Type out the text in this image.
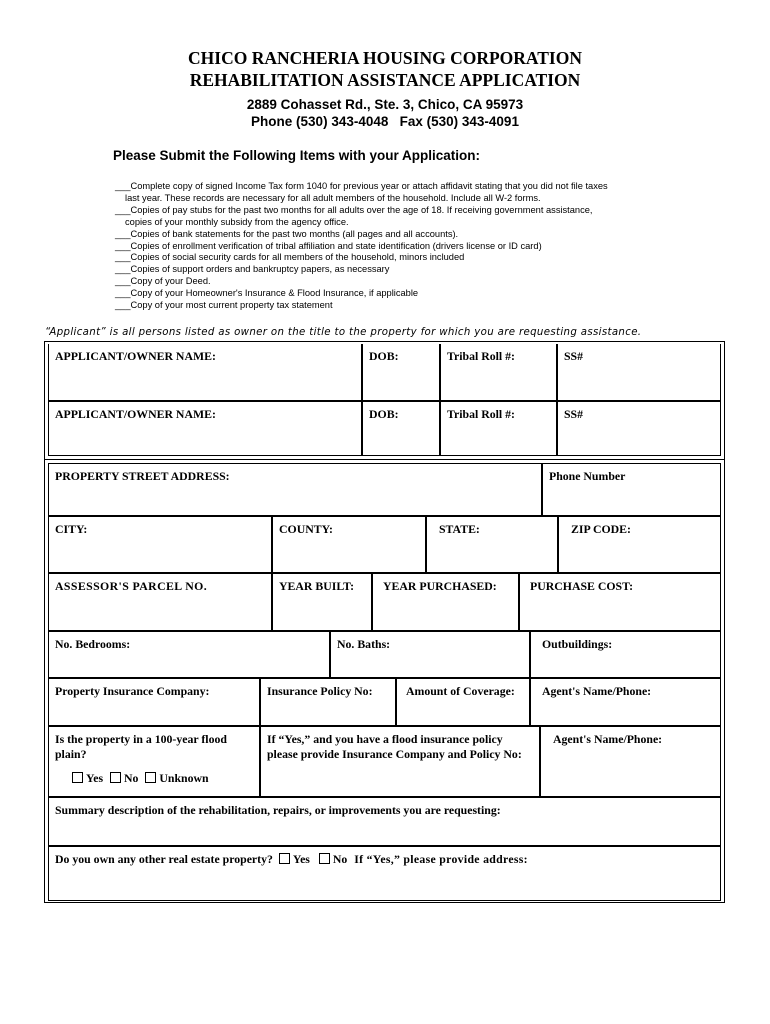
CHICO RANCHERIA HOUSING CORPORATION
REHABILITATION ASSISTANCE APPLICATION
2889 Cohasset Rd., Ste. 3, Chico, CA 95973
Phone (530) 343-4048   Fax (530) 343-4091
Please Submit the Following Items with your Application:
___Complete copy of signed Income Tax form 1040 for previous year or attach affidavit stating that you did not file taxes
last year. These records are necessary for all adult members of the household. Include all W-2 forms.
___Copies of pay stubs for the past two months for all adults over the age of 18. If receiving government assistance,
copies of your monthly subsidy from the agency office.
___Copies of bank statements for the past two months (all pages and all accounts).
___Copies of enrollment verification of tribal affiliation and state identification (drivers license or ID card)
___Copies of social security cards for all members of the household, minors included
___Copies of support orders and bankruptcy papers, as necessary
___Copy of your Deed.
___Copy of your Homeowner's Insurance & Flood Insurance, if applicable
___Copy of your most current property tax statement
“Applicant” is all persons listed as owner on the title to the property for which you are requesting assistance.
APPLICANT/OWNER NAME:	DOB:	Tribal Roll #:	SS#
APPLICANT/OWNER NAME:	DOB:	Tribal Roll #:	SS#
PROPERTY STREET ADDRESS:	Phone Number
CITY:	COUNTY:	STATE:	ZIP CODE:
ASSESSOR'S PARCEL NO.	YEAR BUILT:	YEAR PURCHASED:	PURCHASE COST:
No. Bedrooms:	No. Baths:	Outbuildings:
Property Insurance Company:	Insurance Policy No:	Amount of Coverage:	Agent's Name/Phone:
Is the property in a 100-year flood plain?
Yes No Unknown
If “Yes,” and you have a flood insurance policy please provide Insurance Company and Policy No:
Agent's Name/Phone:
Summary description of the rehabilitation, repairs, or improvements you are requesting:
Do you own any other real estate property? Yes No If “Yes,” please provide address:
